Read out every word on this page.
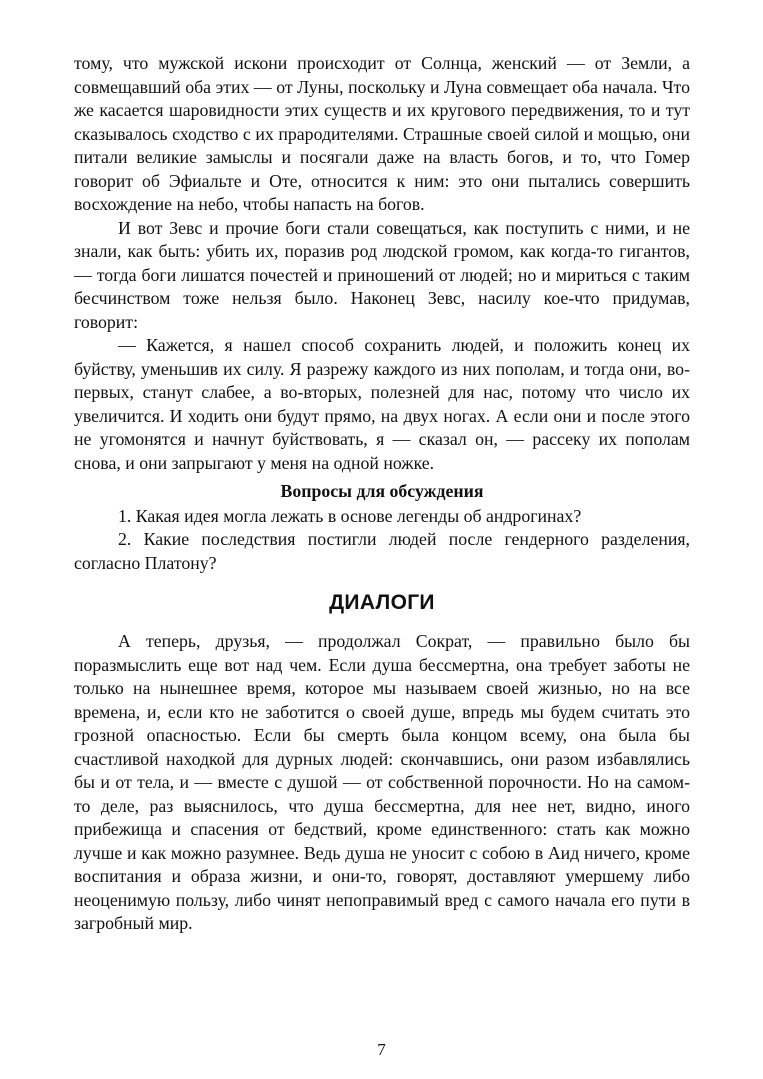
тому, что мужской искони происходит от Солнца, женский — от Земли, а совмещавший оба этих — от Луны, поскольку и Луна совмещает оба начала. Что же касается шаровидности этих существ и их кругового передвижения, то и тут сказывалось сходство с их прародителями. Страшные своей силой и мощью, они питали великие замыслы и посягали даже на власть богов, и то, что Гомер говорит об Эфиальте и Оте, относится к ним: это они пытались совершить восхождение на небо, чтобы напасть на богов.

И вот Зевс и прочие боги стали совещаться, как поступить с ними, и не знали, как быть: убить их, поразив род людской громом, как когда-то гигантов, — тогда боги лишатся почестей и приношений от людей; но и мириться с таким бесчинством тоже нельзя было. Наконец Зевс, насилу кое-что придумав, говорит:

— Кажется, я нашел способ сохранить людей, и положить конец их буйству, уменьшив их силу. Я разрежу каждого из них пополам, и тогда они, во-первых, станут слабее, а во-вторых, полезней для нас, потому что число их увеличится. И ходить они будут прямо, на двух ногах. А если они и после этого не угомонятся и начнут буйствовать, я — сказал он, — рассеку их пополам снова, и они запрыгают у меня на одной ножке.

Вопросы для обсуждения

1. Какая идея могла лежать в основе легенды об андрогинах?

2. Какие последствия постигли людей после гендерного разделения, согласно Платону?

ДИАЛОГИ

А теперь, друзья, — продолжал Сократ, — правильно было бы поразмыслить еще вот над чем. Если душа бессмертна, она требует заботы не только на нынешнее время, которое мы называем своей жизнью, но на все времена, и, если кто не заботится о своей душе, впредь мы будем считать это грозной опасностью. Если бы смерть была концом всему, она была бы счастливой находкой для дурных людей: скончавшись, они разом избавлялись бы и от тела, и — вместе с душой — от собственной порочности. Но на самом-то деле, раз выяснилось, что душа бессмертна, для нее нет, видно, иного прибежища и спасения от бедствий, кроме единственного: стать как можно лучше и как можно разумнее. Ведь душа не уносит с собою в Аид ничего, кроме воспитания и образа жизни, и они-то, говорят, доставляют умершему либо неоценимую пользу, либо чинят непоправимый вред с самого начала его пути в загробный мир.

7
